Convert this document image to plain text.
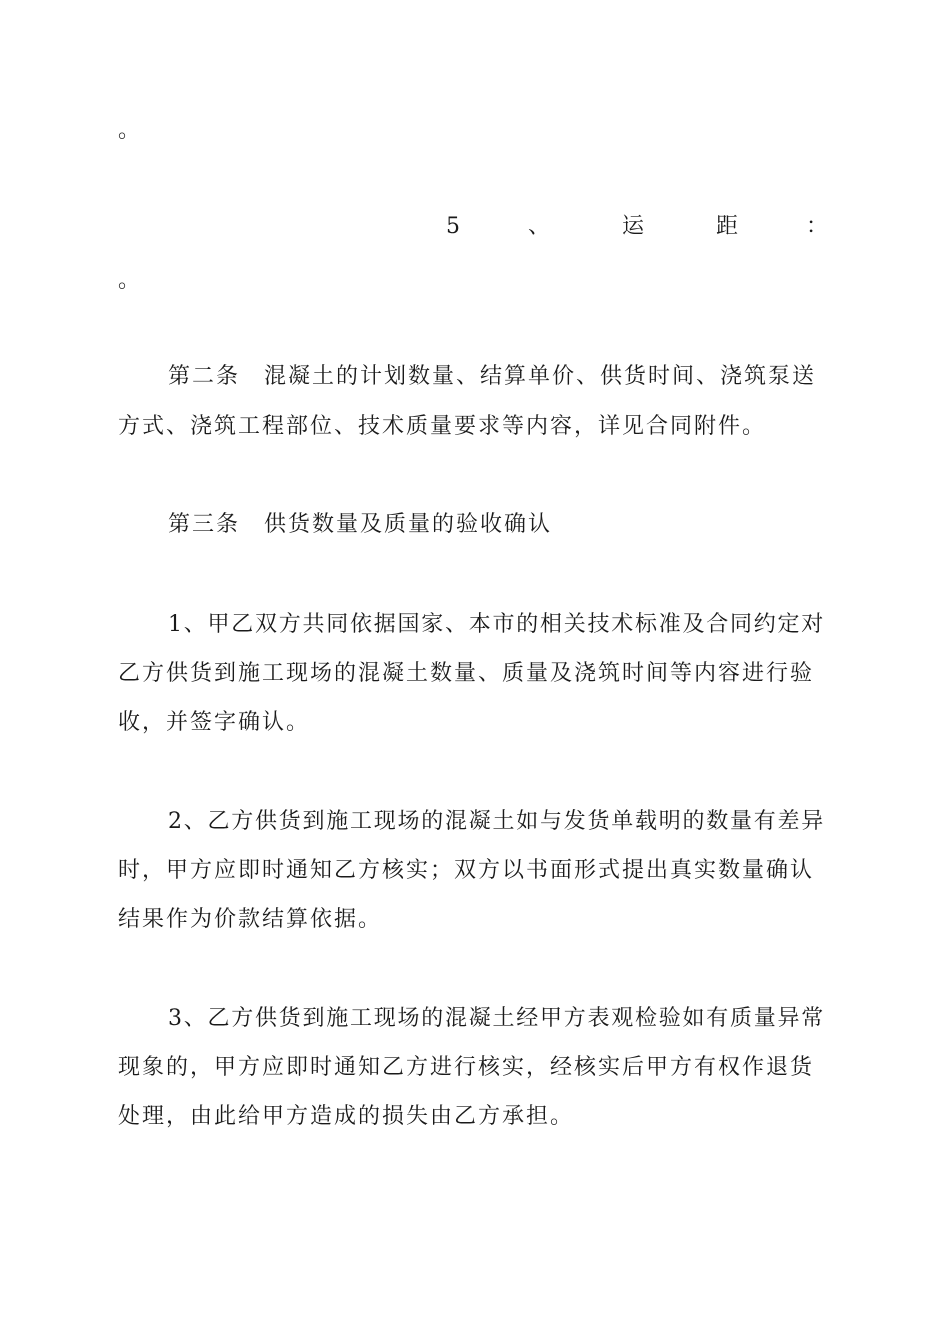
。
5	、	运	距	：
。
第二条　混凝土的计划数量、结算单价、供货时间、浇筑泵送
方式、浇筑工程部位、技术质量要求等内容，详见合同附件。
第三条　供货数量及质量的验收确认
1、甲乙双方共同依据国家、本市的相关技术标准及合同约定对
乙方供货到施工现场的混凝土数量、质量及浇筑时间等内容进行验
收，并签字确认。
2、乙方供货到施工现场的混凝土如与发货单载明的数量有差异
时，甲方应即时通知乙方核实；双方以书面形式提出真实数量确认
结果作为价款结算依据。
3、乙方供货到施工现场的混凝土经甲方表观检验如有质量异常
现象的，甲方应即时通知乙方进行核实，经核实后甲方有权作退货
处理，由此给甲方造成的损失由乙方承担。
